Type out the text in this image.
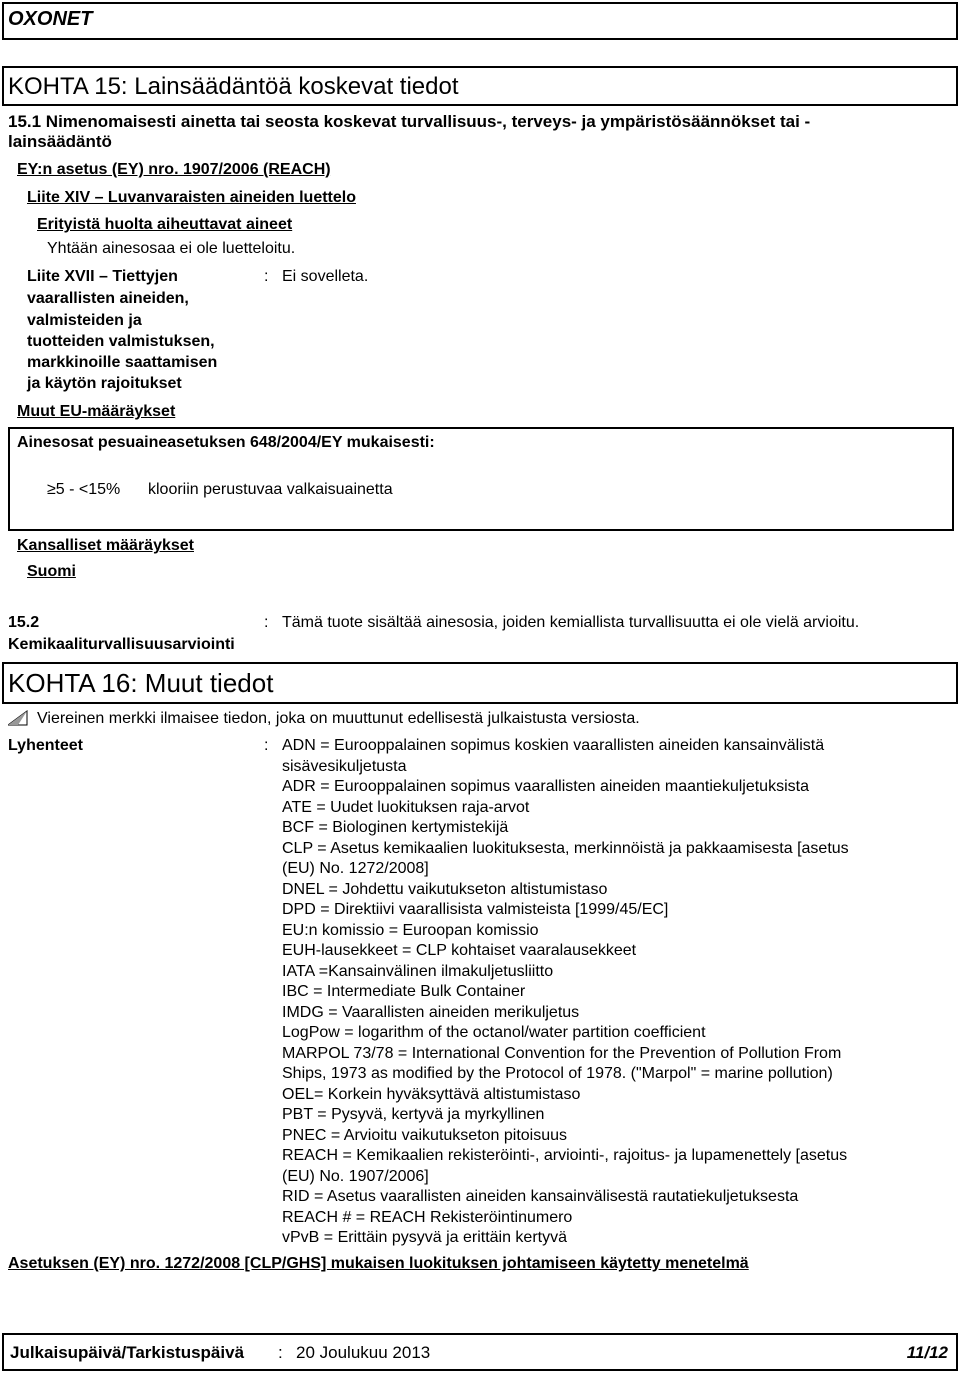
OXONET
KOHTA 15: Lainsäädäntöä koskevat tiedot
15.1 Nimenomaisesti ainetta tai seosta koskevat turvallisuus-, terveys- ja ympäristösäännökset tai -
lainsäädäntö
EY:n asetus (EY) nro. 1907/2006 (REACH)
Liite XIV – Luvanvaraisten aineiden luettelo
Erityistä huolta aiheuttavat aineet
Yhtään ainesosaa ei ole luetteloitu.
Liite XVII – Tiettyjen
vaarallisten aineiden,
valmisteiden ja
tuotteiden valmistuksen,
markkinoille saattamisen
ja käytön rajoitukset
: Ei sovelleta.
Muut EU-määräykset
Ainesosat pesuaineasetuksen 648/2004/EY mukaisesti:
≥5 - <15% klooriin perustuvaa valkaisuainetta
Kansalliset määräykset
Suomi
15.2
Kemikaaliturvallisuusarviointi
: Tämä tuote sisältää ainesosia, joiden kemiallista turvallisuutta ei ole vielä arvioitu.
KOHTA 16: Muut tiedot
Viereinen merkki ilmaisee tiedon, joka on muuttunut edellisestä julkaistusta versiosta.
Lyhenteet	: ADN = Eurooppalainen sopimus koskien vaarallisten aineiden kansainvälistä
sisävesikuljetusta
ADR = Eurooppalainen sopimus vaarallisten aineiden maantiekuljetuksista
ATE = Uudet luokituksen raja-arvot
BCF = Biologinen kertymistekijä
CLP = Asetus kemikaalien luokituksesta, merkinnöistä ja pakkaamisesta [asetus
(EU) No. 1272/2008]
DNEL = Johdettu vaikutukseton altistumistaso
DPD = Direktiivi vaarallisista valmisteista [1999/45/EC]
EU:n komissio = Euroopan komissio
EUH-lausekkeet = CLP kohtaiset vaaralausekkeet
IATA =Kansainvälinen ilmakuljetusliitto
IBC = Intermediate Bulk Container
IMDG = Vaarallisten aineiden merikuljetus
LogPow = logarithm of the octanol/water partition coefficient
MARPOL 73/78 = International Convention for the Prevention of Pollution From
Ships, 1973 as modified by the Protocol of 1978. ("Marpol" = marine pollution)
OEL= Korkein hyväksyttävä altistumistaso
PBT = Pysyvä, kertyvä ja myrkyllinen
PNEC = Arvioitu vaikutukseton pitoisuus
REACH = Kemikaalien rekisteröinti-, arviointi-, rajoitus- ja lupamenettely [asetus
(EU) No. 1907/2006]
RID = Asetus vaarallisten aineiden kansainvälisestä rautatiekuljetuksesta
REACH # = REACH Rekisteröintinumero
vPvB = Erittäin pysyvä ja erittäin kertyvä
Asetuksen (EY) nro. 1272/2008 [CLP/GHS] mukaisen luokituksen johtamiseen käytetty menetelmä
Julkaisupäivä/Tarkistuspäivä : 20 Joulukuu 2013	11/12
